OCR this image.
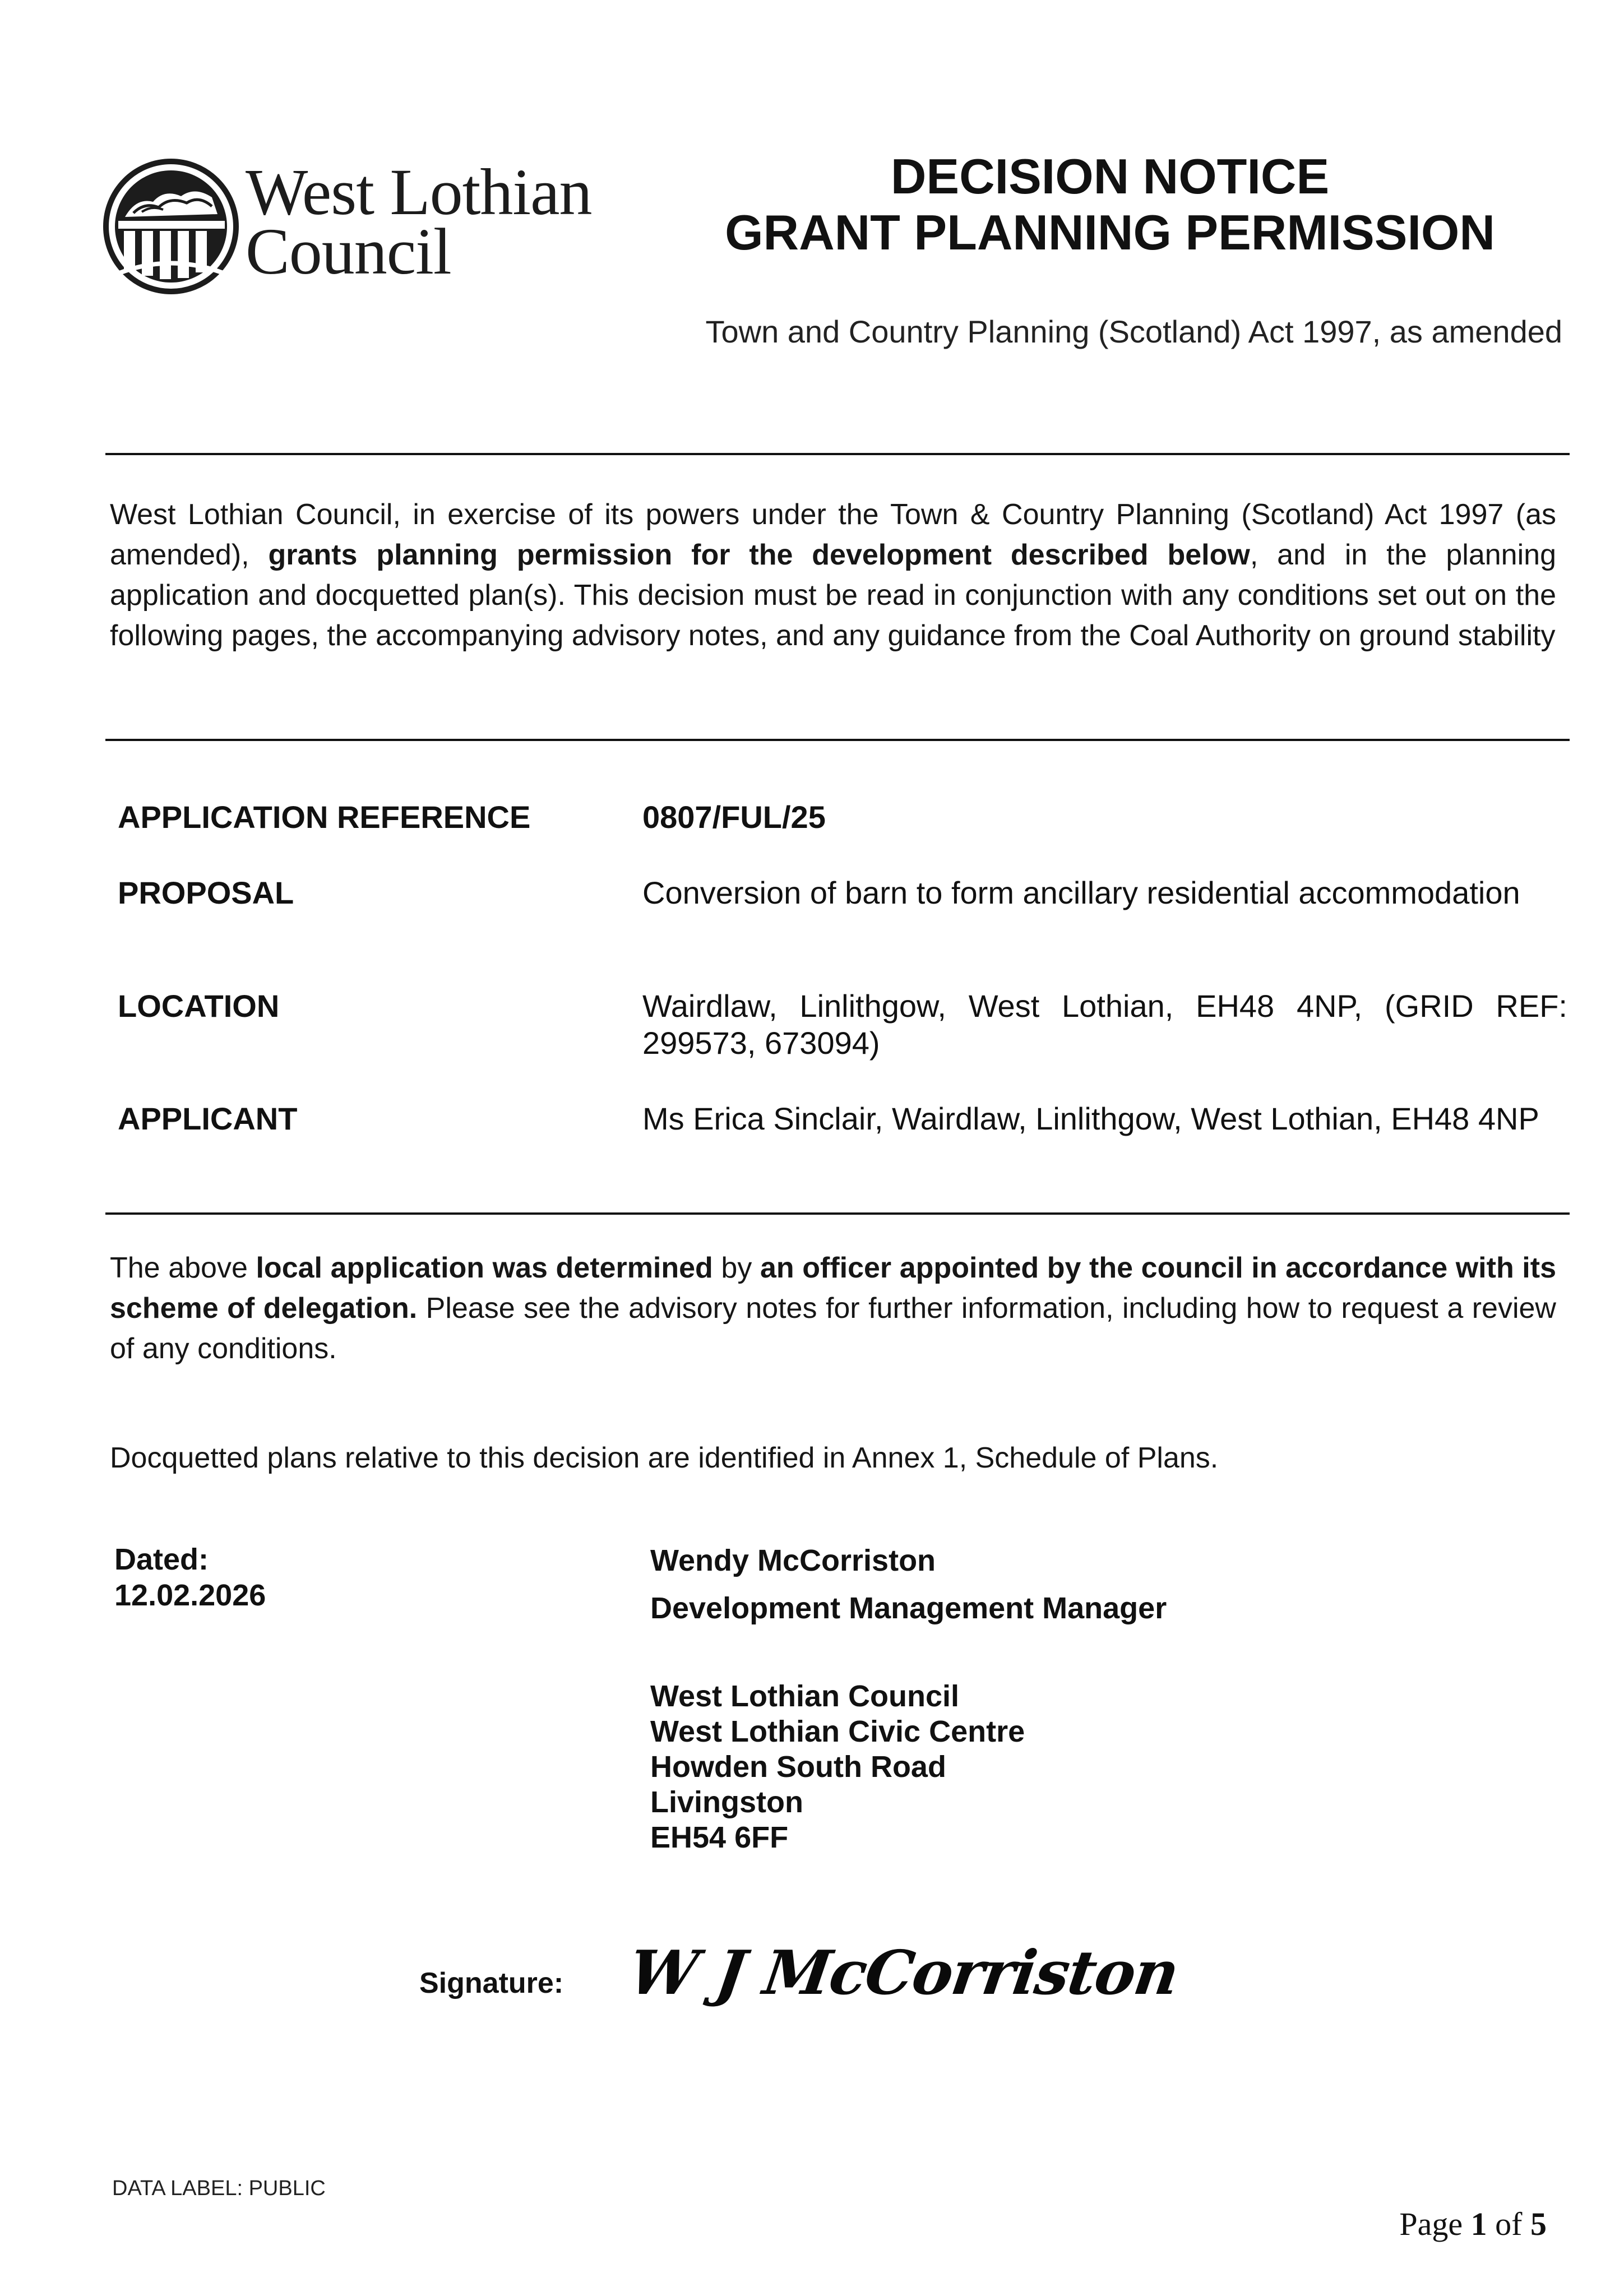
West Lothian
Council
DECISION NOTICE
GRANT PLANNING PERMISSION
Town and Country Planning (Scotland) Act 1997, as amended
West Lothian Council, in exercise of its powers under the Town & Country Planning (Scotland) Act 1997 (as amended), grants planning permission for the development described below, and in the planning application and docquetted plan(s). This decision must be read in conjunction with any conditions set out on the following pages, the accompanying advisory notes, and any guidance from the Coal Authority on ground stability
APPLICATION REFERENCE	0807/FUL/25
PROPOSAL	Conversion of barn to form ancillary residential accommodation
LOCATION	Wairdlaw, Linlithgow, West Lothian, EH48 4NP, (GRID REF: 299573, 673094)
APPLICANT	Ms Erica Sinclair, Wairdlaw, Linlithgow, West Lothian, EH48 4NP
The above local application was determined by an officer appointed by the council in accordance with its scheme of delegation. Please see the advisory notes for further information, including how to request a review of any conditions.
Docquetted plans relative to this decision are identified in Annex 1, Schedule of Plans.
Dated:
12.02.2026
Wendy McCorriston
Development Management Manager
West Lothian Council
West Lothian Civic Centre
Howden South Road
Livingston
EH54 6FF
Signature: W J McCorriston
DATA LABEL: PUBLIC
Page 1 of 5
